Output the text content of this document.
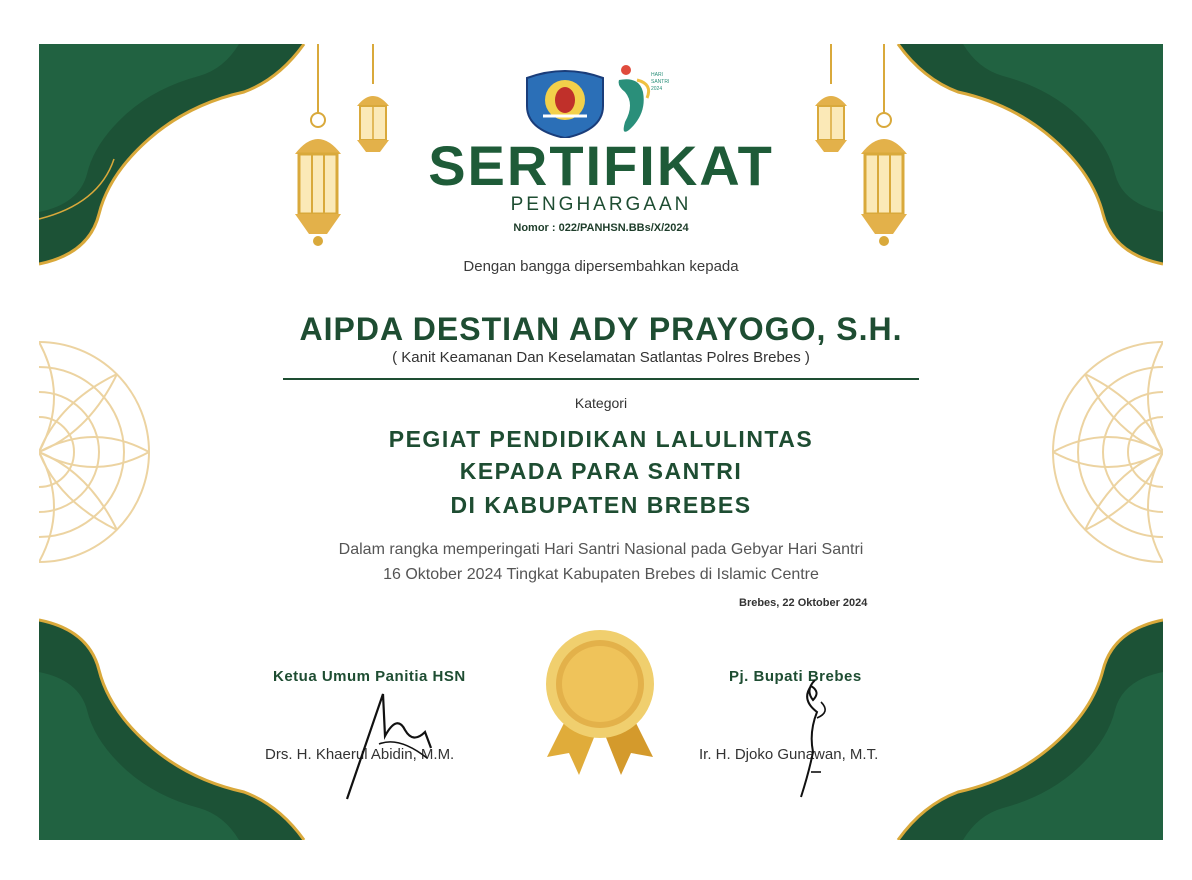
HARI
SANTRI
2024
SERTIFIKAT
PENGHARGAAN
Nomor : 022/PANHSN.BBs/X/2024
Dengan bangga dipersembahkan kepada
AIPDA DESTIAN ADY PRAYOGO, S.H.
( Kanit Keamanan Dan Keselamatan Satlantas Polres Brebes )
Kategori
PEGIAT PENDIDIKAN LALULINTAS
KEPADA PARA SANTRI
DI KABUPATEN BREBES
Dalam rangka memperingati Hari Santri Nasional pada Gebyar Hari Santri
16 Oktober 2024 Tingkat Kabupaten Brebes di Islamic Centre
Brebes, 22 Oktober 2024
Ketua Umum Panitia HSN
Drs. H. Khaerul Abidin, M.M.
Pj. Bupati Brebes
Ir. H. Djoko Gunawan, M.T.
